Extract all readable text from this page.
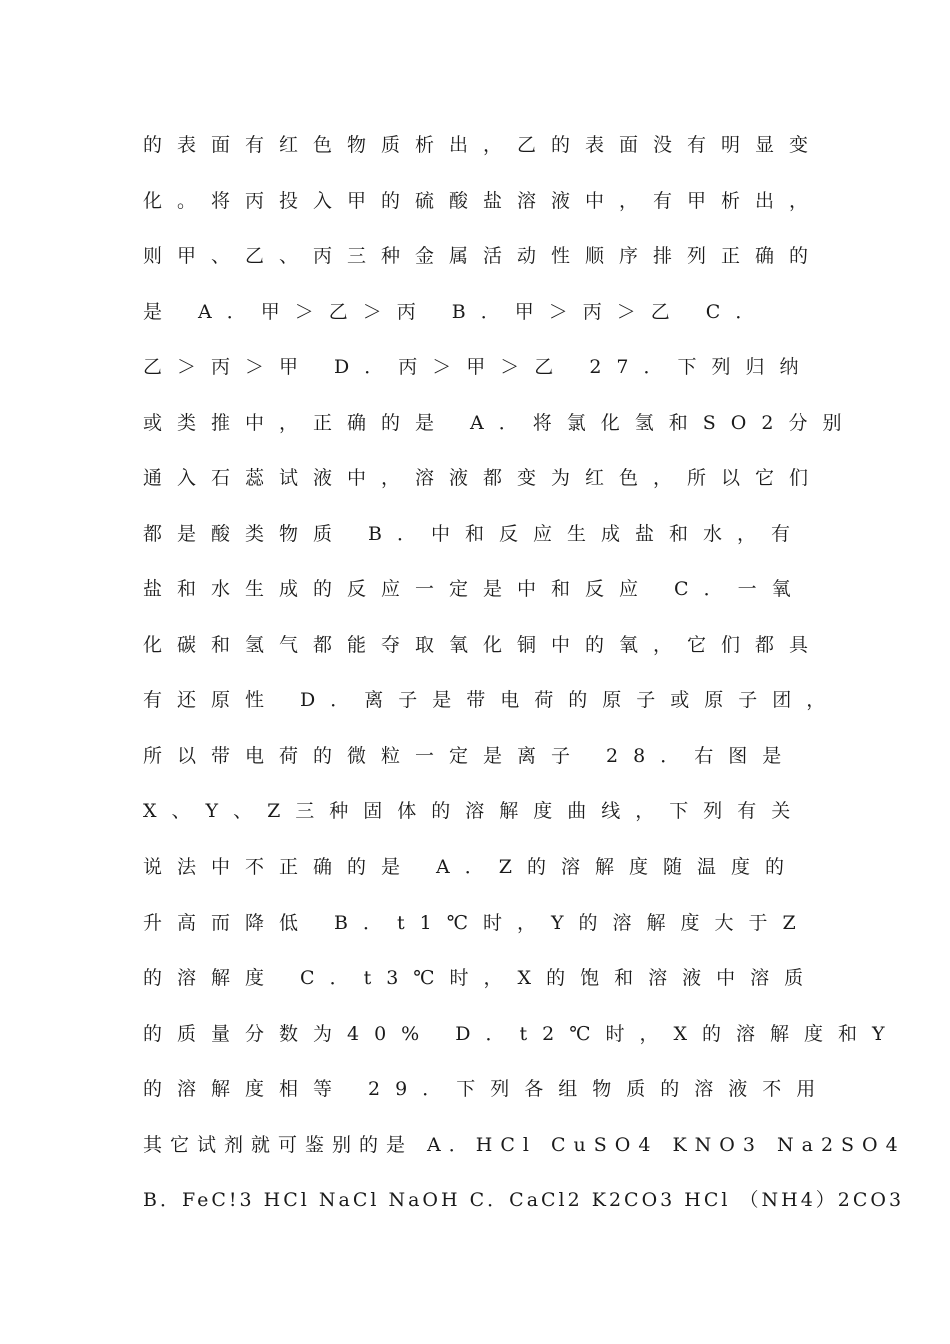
的表面有红色物质析出，乙的表面没有明显变

化。将丙投入甲的硫酸盐溶液中，有甲析出，

则甲、乙、丙三种金属活动性顺序排列正确的

是 A．甲＞乙＞丙 B．甲＞丙＞乙 C．

乙＞丙＞甲 D．丙＞甲＞乙 27．下列归纳

或类推中，正确的是 A．将氯化氢和SO2分别

通入石蕊试液中，溶液都变为红色，所以它们

都是酸类物质 B．中和反应生成盐和水，有

盐和水生成的反应一定是中和反应 C．一氧

化碳和氢气都能夺取氧化铜中的氧，它们都具

有还原性 D．离子是带电荷的原子或原子团，

所以带电荷的微粒一定是离子 28．右图是

X、Y、Z三种固体的溶解度曲线，下列有关

说法中不正确的是 A．Z的溶解度随温度的

升高而降低 B．t1℃时，Y的溶解度大于Z

的溶解度 C．t3℃时，X的饱和溶液中溶质

的质量分数为40% D．t2℃时，X的溶解度和Y

的溶解度相等 29．下列各组物质的溶液不用

其它试剂就可鉴别的是 A．HCl CuSO4 KNO3 Na2SO4

B．FeC!3 HCl NaCl NaOH C．CaCl2 K2CO3 HCl （NH4）2CO3
